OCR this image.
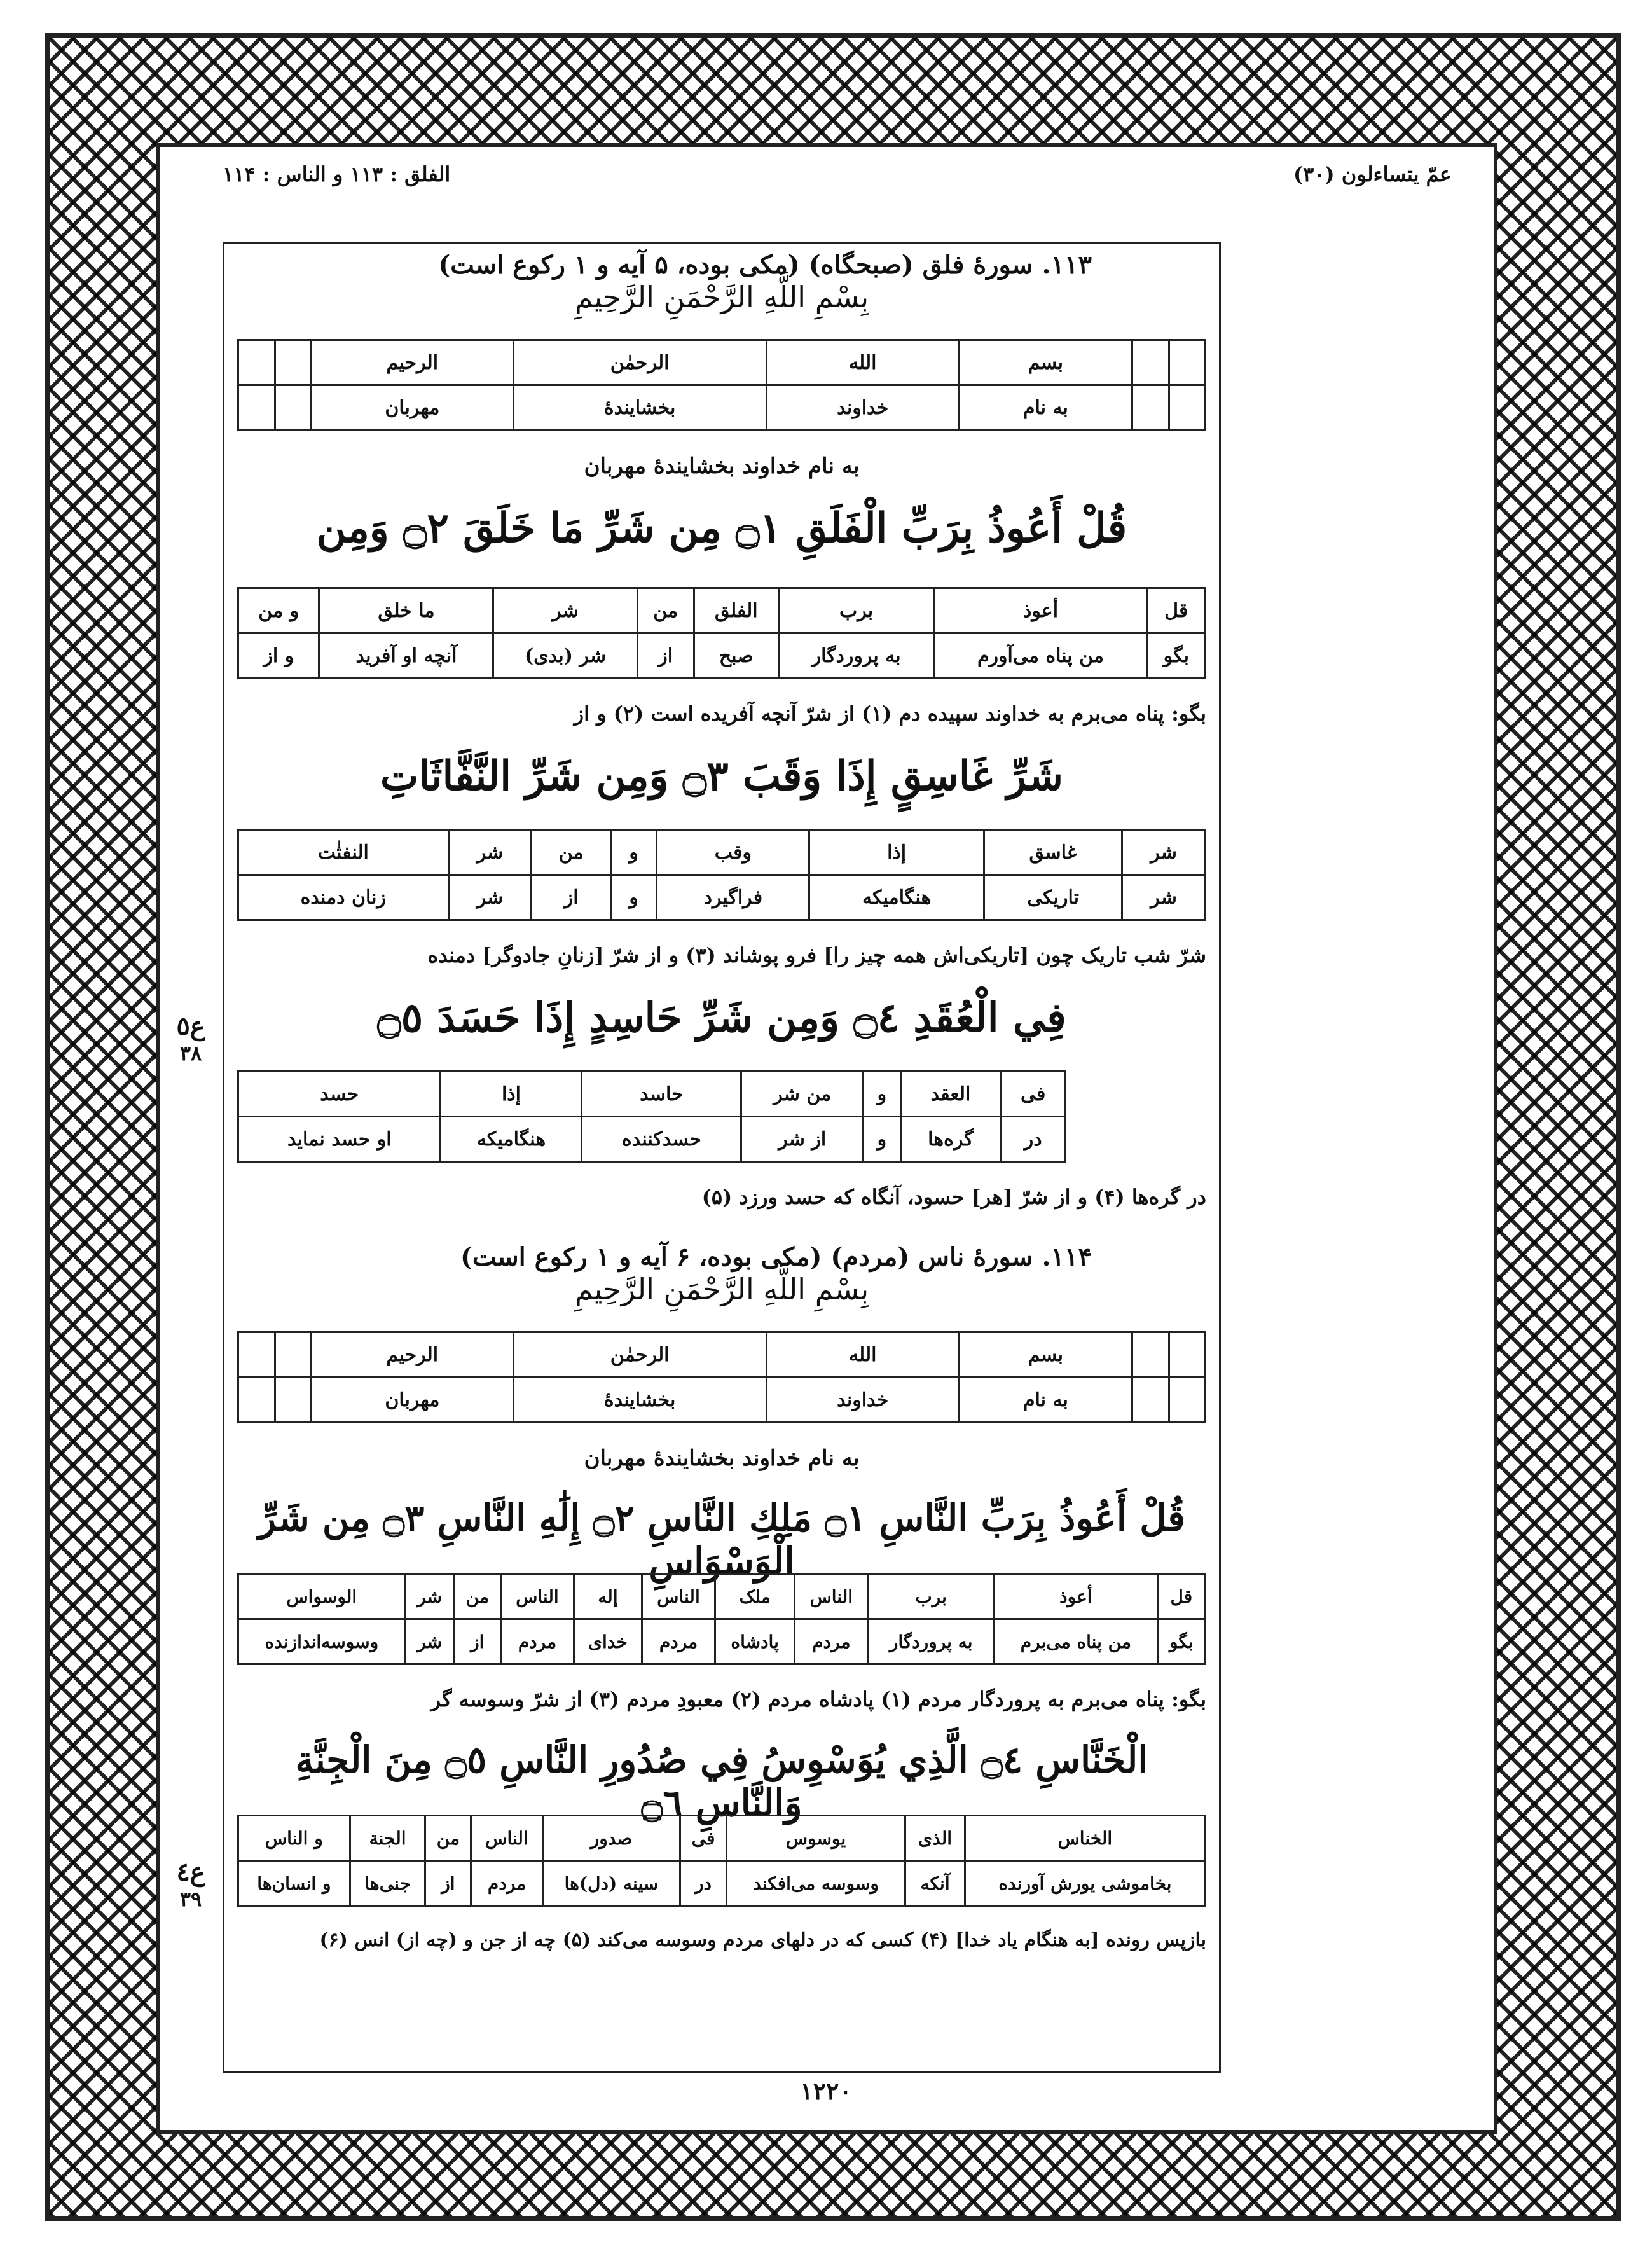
الفلق : ۱۱۳ و الناس : ۱۱۴	عمّ یتساءلون (۳۰)
۱۱۳. سورهٔ فلق (صبحگاه) (مکی بوده، ۵ آیه و ۱ رکوع است)
بِسْمِ اللَّهِ الرَّحْمَنِ الرَّحِيمِ
		بسم	الله	الرحمٰن	الرحیم		
		به نام	خداوند	بخشایندهٔ	مهربان		
به نام خداوند بخشایندهٔ مهربان
قُلْ أَعُوذُ بِرَبِّ الْفَلَقِ ۝١ مِن شَرِّ مَا خَلَقَ ۝٢ وَمِن
قل	أعوذ	برب	الفلق	من	شر	ما خلق	و من
بگو	من پناه می‌آورم	به پروردگار	صبح	از	شر (بدی)	آنچه او آفرید	و از
بگو: پناه می‌برم به خداوند سپیده دم (۱) از شرّ آنچه آفریده است (۲) و از
شَرِّ غَاسِقٍ إِذَا وَقَبَ ۝٣ وَمِن شَرِّ النَّفَّاثَاتِ
شر	غاسق	إذا	وقب	و	من	شر	النفثٰت
شر	تاریکی	هنگامیکه	فراگیرد	و	از	شر	زنان دمنده
شرّ شب تاریک چون [تاریکی‌اش همه چیز را] فرو پوشاند (۳) و از شرّ [زنانِ جادوگر] دمنده
فِي الْعُقَدِ ۝٤ وَمِن شَرِّ حَاسِدٍ إِذَا حَسَدَ ۝٥
فی	العقد	و	من شر	حاسد	إذا	حسد
در	گره‌ها	و	از شر	حسدکننده	هنگامیکه	او حسد نماید
در گره‌ها (۴) و از شرّ [هر] حسود، آنگاه که حسد ورزد (۵)
۱۱۴. سورهٔ ناس (مردم) (مکی بوده، ۶ آیه و ۱ رکوع است)
بِسْمِ اللَّهِ الرَّحْمَنِ الرَّحِيمِ
		بسم	الله	الرحمٰن	الرحیم		
		به نام	خداوند	بخشایندهٔ	مهربان		
به نام خداوند بخشایندهٔ مهربان
قُلْ أَعُوذُ بِرَبِّ النَّاسِ ۝١ مَلِكِ النَّاسِ ۝٢ إِلَٰهِ النَّاسِ ۝٣ مِن شَرِّ الْوَسْوَاسِ
قل	أعوذ	برب	الناس	ملک	الناس	إله	الناس	من	شر	الوسواس
بگو	من پناه می‌برم	به پروردگار	مردم	پادشاه	مردم	خدای	مردم	از	شر	وسوسه‌اندازنده
بگو: پناه می‌برم به پروردگار مردم (۱) پادشاه مردم (۲) معبودِ مردم (۳) از شرّ وسوسه گر
الْخَنَّاسِ ۝٤ الَّذِي يُوَسْوِسُ فِي صُدُورِ النَّاسِ ۝٥ مِنَ الْجِنَّةِ وَالنَّاسِ ۝٦
الخناس	الذی	یوسوس	فی	صدور	الناس	من	الجنة	و الناس
بخاموشی یورش آورنده	آنکه	وسوسه می‌افکند	در	سینه (دل)ها	مردم	از	جنی‌ها	و انسان‌ها
بازپس رونده [به هنگام یاد خدا] (۴) کسی که در دلهای مردم وسوسه می‌کند (۵) چه از جن و (چه از) انس (۶)
ع٥
۳۸
ع٤
۳۹
۱۲۲۰
